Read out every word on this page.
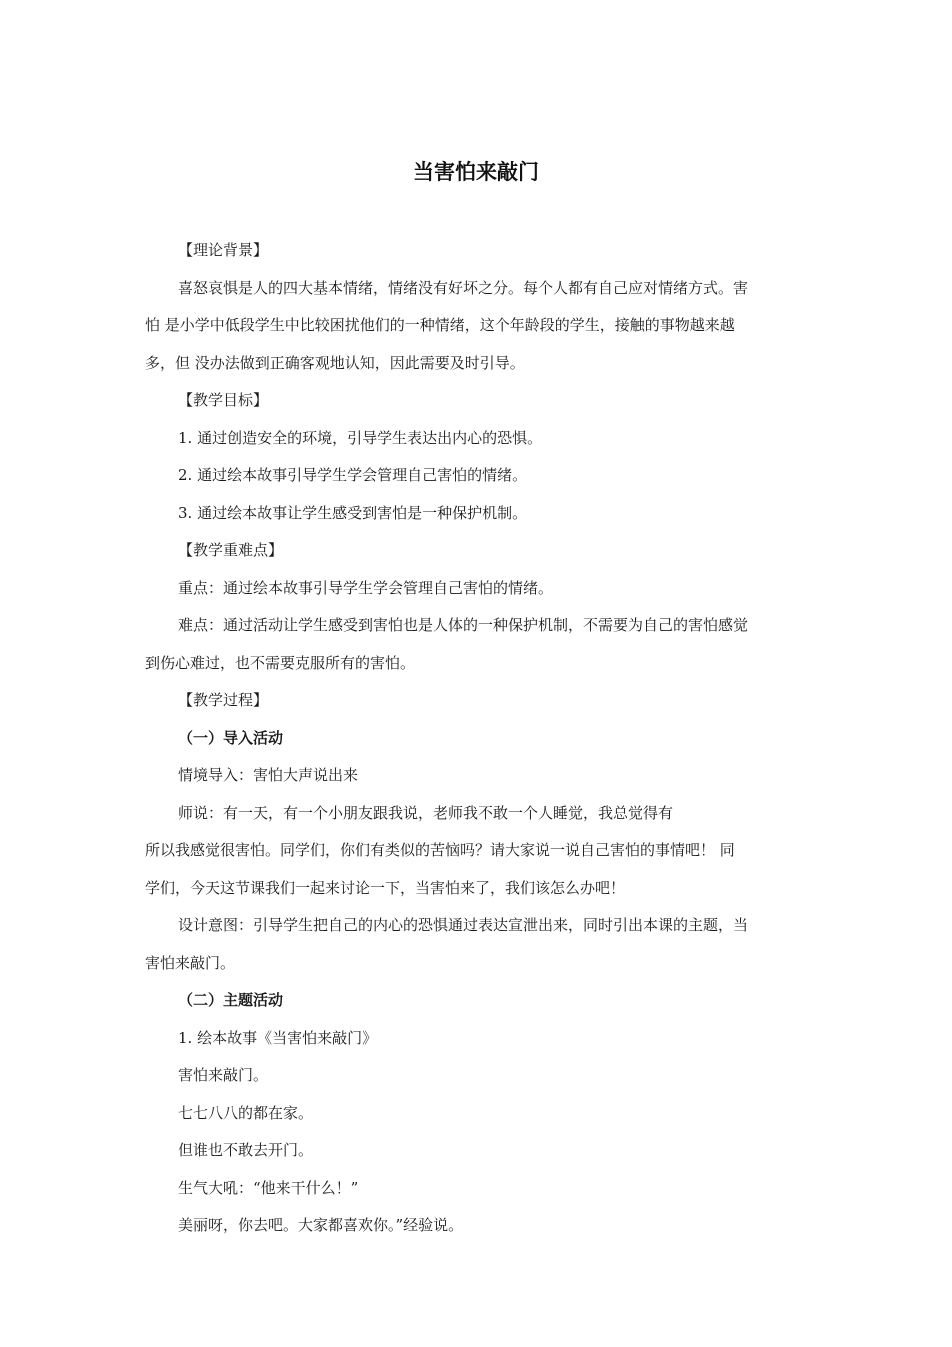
当害怕来敲门

【理论背景】

喜怒哀惧是人的四大基本情绪，情绪没有好坏之分。每个人都有自己应对情绪方式。害

怕 是小学中低段学生中比较困扰他们的一种情绪，这个年龄段的学生，接触的事物越来越

多，但 没办法做到正确客观地认知，因此需要及时引导。

【教学目标】

1. 通过创造安全的环境，引导学生表达出内心的恐惧。

2. 通过绘本故事引导学生学会管理自己害怕的情绪。

3. 通过绘本故事让学生感受到害怕是一种保护机制。

【教学重难点】

重点：通过绘本故事引导学生学会管理自己害怕的情绪。

难点：通过活动让学生感受到害怕也是人体的一种保护机制，不需要为自己的害怕感觉

到伤心难过，也不需要克服所有的害怕。

【教学过程】

（一）导入活动

情境导入：害怕大声说出来

师说：有一天，有一个小朋友跟我说，老师我不敢一个人睡觉，我总觉得有

所以我感觉很害怕。同学们，你们有类似的苦恼吗？请大家说一说自己害怕的事情吧！ 同

学们，今天这节课我们一起来讨论一下，当害怕来了，我们该怎么办吧！

设计意图：引导学生把自己的内心的恐惧通过表达宣泄出来，同时引出本课的主题，当

害怕来敲门。

（二）主题活动

1. 绘本故事《当害怕来敲门》

害怕来敲门。

七七八八的都在家。

但谁也不敢去开门。

生气大吼：“他来干什么！”

美丽呀，你去吧。大家都喜欢你。”经验说。
